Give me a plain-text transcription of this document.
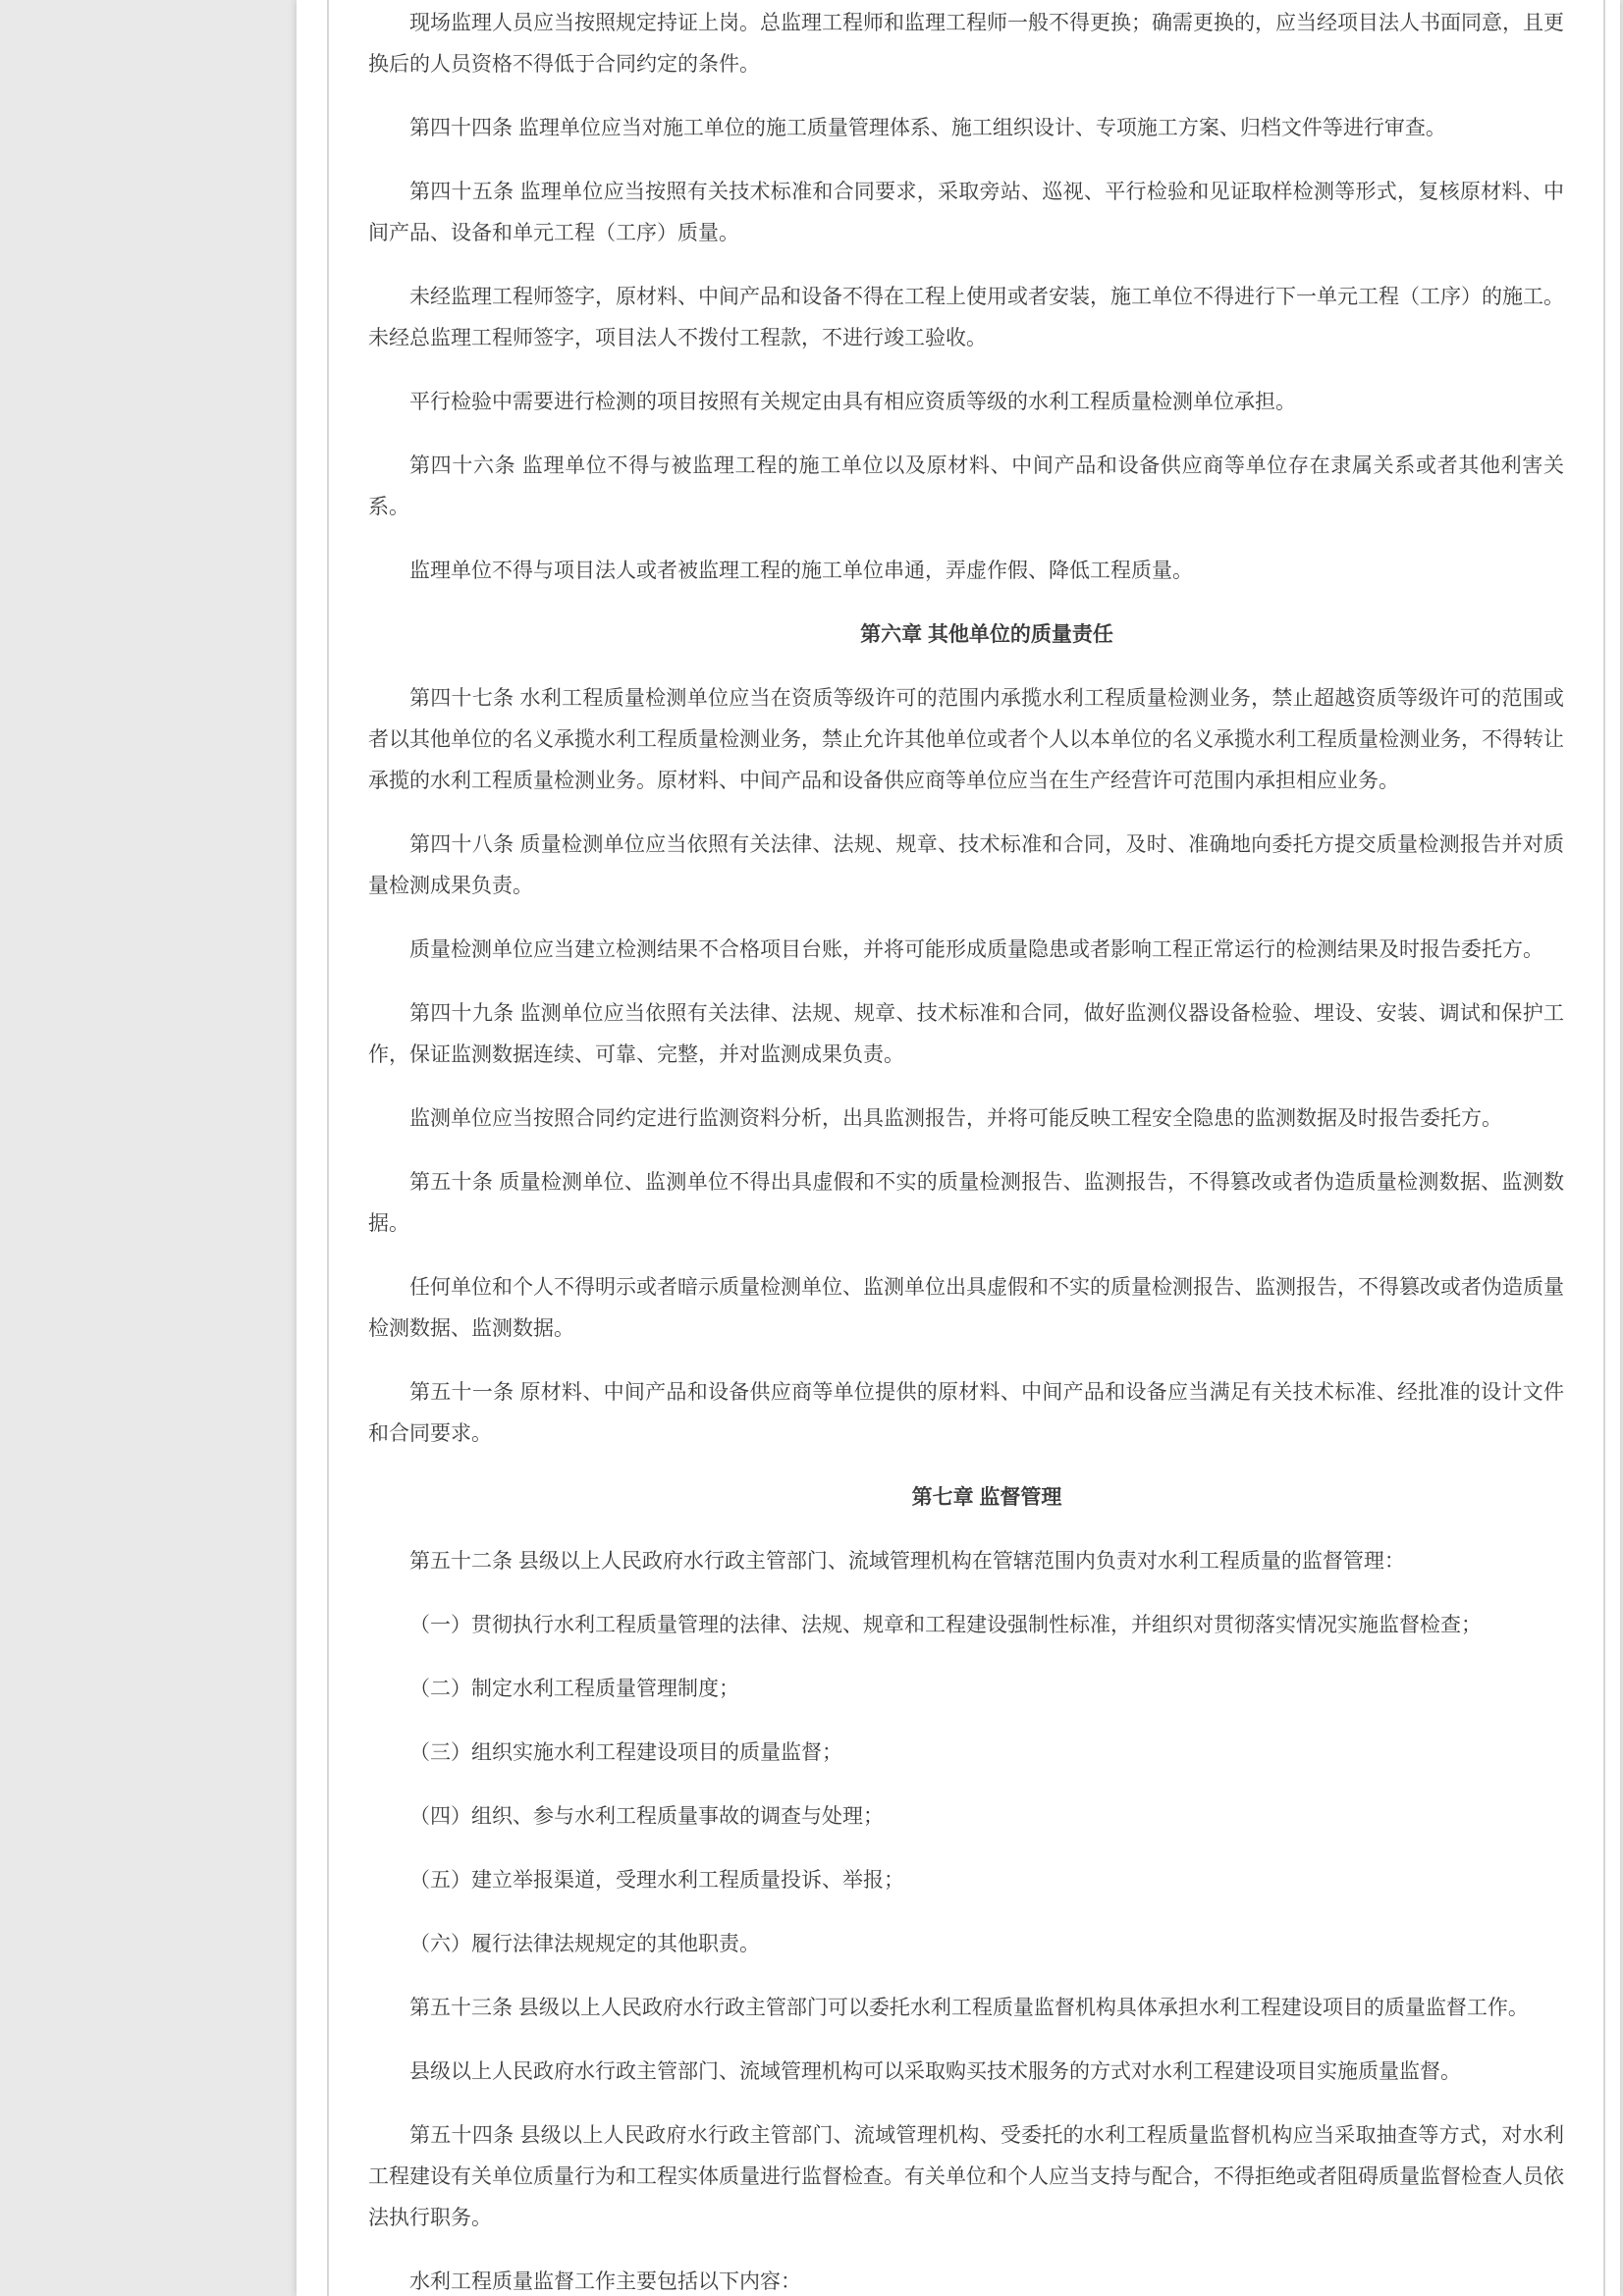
现场监理人员应当按照规定持证上岗。总监理工程师和监理工程师一般不得更换；确需更换的，应当经项目法人书面同意，且更换后的人员资格不得低于合同约定的条件。

第四十四条 监理单位应当对施工单位的施工质量管理体系、施工组织设计、专项施工方案、归档文件等进行审查。

第四十五条 监理单位应当按照有关技术标准和合同要求，采取旁站、巡视、平行检验和见证取样检测等形式，复核原材料、中间产品、设备和单元工程（工序）质量。

未经监理工程师签字，原材料、中间产品和设备不得在工程上使用或者安装，施工单位不得进行下一单元工程（工序）的施工。未经总监理工程师签字，项目法人不拨付工程款，不进行竣工验收。

平行检验中需要进行检测的项目按照有关规定由具有相应资质等级的水利工程质量检测单位承担。

第四十六条 监理单位不得与被监理工程的施工单位以及原材料、中间产品和设备供应商等单位存在隶属关系或者其他利害关系。

监理单位不得与项目法人或者被监理工程的施工单位串通，弄虚作假、降低工程质量。

第六章 其他单位的质量责任

第四十七条 水利工程质量检测单位应当在资质等级许可的范围内承揽水利工程质量检测业务，禁止超越资质等级许可的范围或者以其他单位的名义承揽水利工程质量检测业务，禁止允许其他单位或者个人以本单位的名义承揽水利工程质量检测业务，不得转让承揽的水利工程质量检测业务。原材料、中间产品和设备供应商等单位应当在生产经营许可范围内承担相应业务。

第四十八条 质量检测单位应当依照有关法律、法规、规章、技术标准和合同，及时、准确地向委托方提交质量检测报告并对质量检测成果负责。

质量检测单位应当建立检测结果不合格项目台账，并将可能形成质量隐患或者影响工程正常运行的检测结果及时报告委托方。

第四十九条 监测单位应当依照有关法律、法规、规章、技术标准和合同，做好监测仪器设备检验、埋设、安装、调试和保护工作，保证监测数据连续、可靠、完整，并对监测成果负责。

监测单位应当按照合同约定进行监测资料分析，出具监测报告，并将可能反映工程安全隐患的监测数据及时报告委托方。

第五十条 质量检测单位、监测单位不得出具虚假和不实的质量检测报告、监测报告，不得篡改或者伪造质量检测数据、监测数据。

任何单位和个人不得明示或者暗示质量检测单位、监测单位出具虚假和不实的质量检测报告、监测报告，不得篡改或者伪造质量检测数据、监测数据。

第五十一条 原材料、中间产品和设备供应商等单位提供的原材料、中间产品和设备应当满足有关技术标准、经批准的设计文件和合同要求。

第七章 监督管理

第五十二条 县级以上人民政府水行政主管部门、流域管理机构在管辖范围内负责对水利工程质量的监督管理：

（一）贯彻执行水利工程质量管理的法律、法规、规章和工程建设强制性标准，并组织对贯彻落实情况实施监督检查；

（二）制定水利工程质量管理制度；

（三）组织实施水利工程建设项目的质量监督；

（四）组织、参与水利工程质量事故的调查与处理；

（五）建立举报渠道，受理水利工程质量投诉、举报；

（六）履行法律法规规定的其他职责。

第五十三条 县级以上人民政府水行政主管部门可以委托水利工程质量监督机构具体承担水利工程建设项目的质量监督工作。

县级以上人民政府水行政主管部门、流域管理机构可以采取购买技术服务的方式对水利工程建设项目实施质量监督。

第五十四条 县级以上人民政府水行政主管部门、流域管理机构、受委托的水利工程质量监督机构应当采取抽查等方式，对水利工程建设有关单位质量行为和工程实体质量进行监督检查。有关单位和个人应当支持与配合，不得拒绝或者阻碍质量监督检查人员依法执行职务。

水利工程质量监督工作主要包括以下内容：
